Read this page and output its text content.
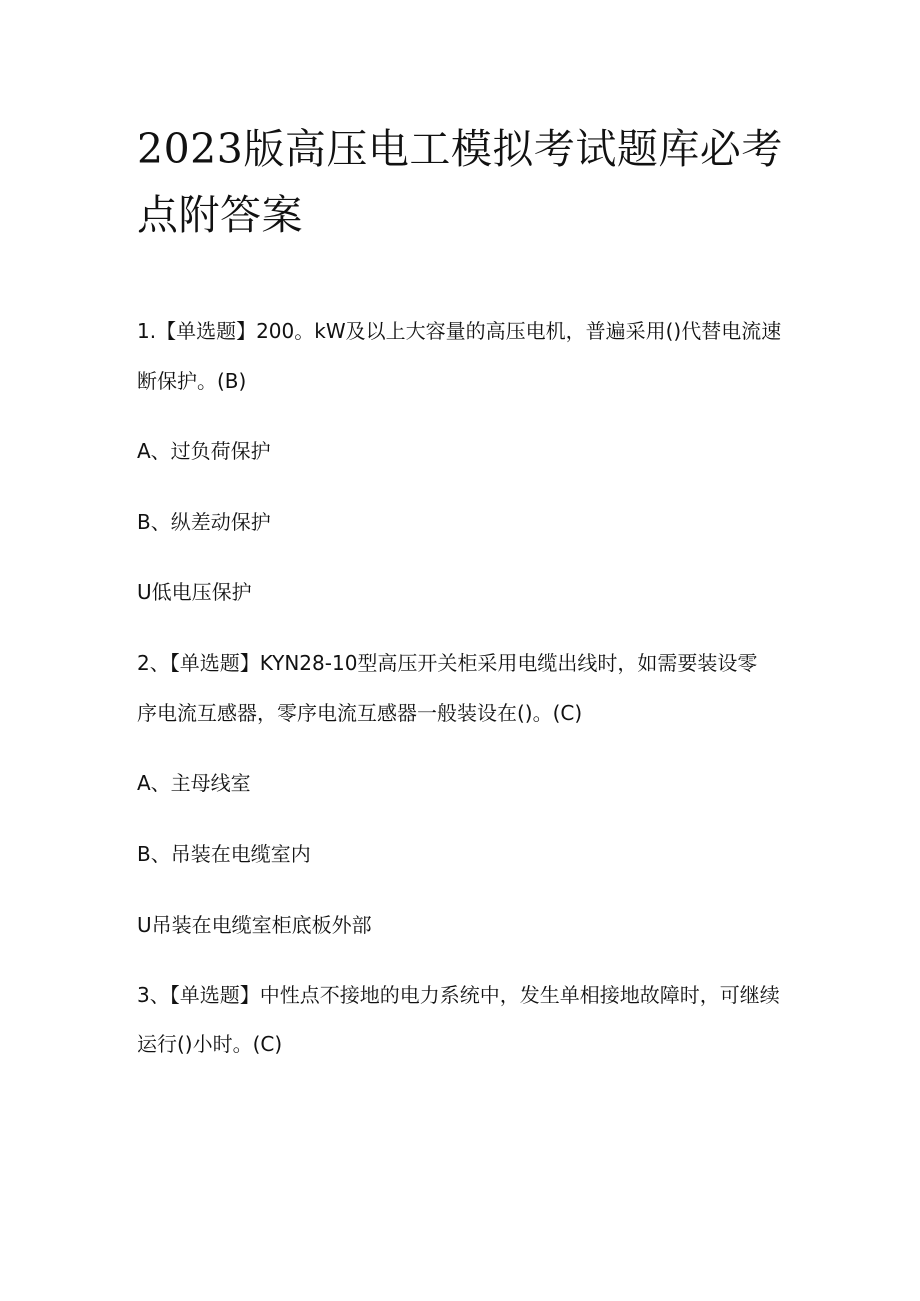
2023版高压电工模拟考试题库必考
点附答案

1.【单选题】200。kW及以上大容量的高压电机，普遍采用()代替电流速

断保护。(B)

A、过负荷保护

B、纵差动保护

U低电压保护

2、【单选题】KYN28-10型高压开关柜采用电缆出线时，如需要装设零

序电流互感器，零序电流互感器一般装设在()。(C)

A、主母线室

B、吊装在电缆室内

U吊装在电缆室柜底板外部

3、【单选题】中性点不接地的电力系统中，发生单相接地故障时，可继续

运行()小时。(C)
